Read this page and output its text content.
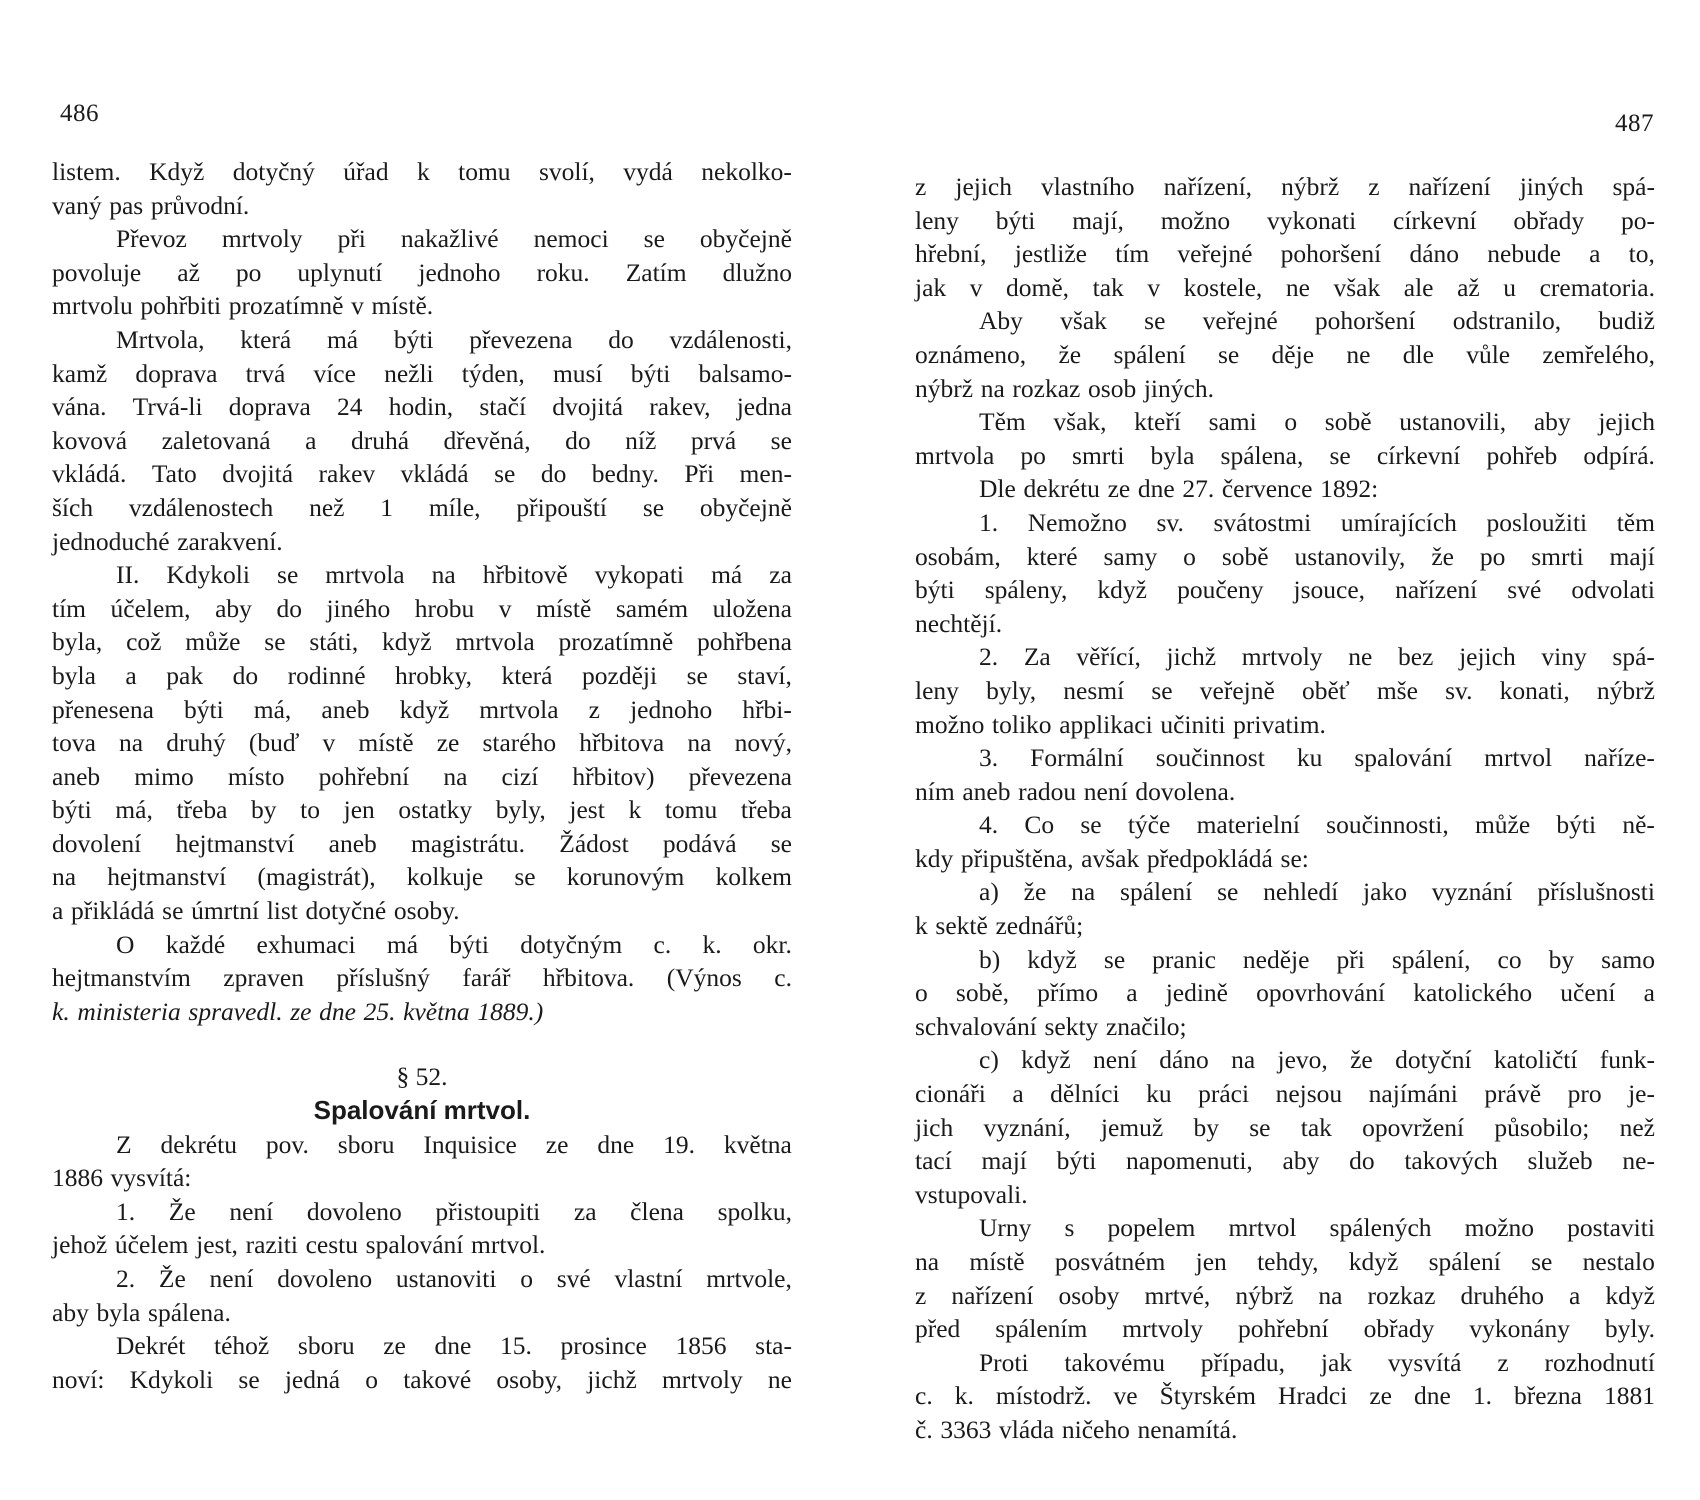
486	487
listem. Když dotyčný úřad k tomu svolí, vydá nekolko-
vaný pas průvodní.
Převoz mrtvoly při nakažlivé nemoci se obyčejně
povoluje až po uplynutí jednoho roku. Zatím dlužno
mrtvolu pohřbiti prozatímně v místě.
Mrtvola, která má býti převezena do vzdálenosti,
kamž doprava trvá více nežli týden, musí býti balsamo-
vána. Trvá-li doprava 24 hodin, stačí dvojitá rakev, jedna
kovová zaletovaná a druhá dřevěná, do níž prvá se
vkládá. Tato dvojitá rakev vkládá se do bedny. Při men-
ších vzdálenostech než 1 míle, připouští se obyčejně
jednoduché zarakvení.
II. Kdykoli se mrtvola na hřbitově vykopati má za
tím účelem, aby do jiného hrobu v místě samém uložena
byla, což může se státi, když mrtvola prozatímně pohřbena
byla a pak do rodinné hrobky, která později se staví,
přenesena býti má, aneb když mrtvola z jednoho hřbi-
tova na druhý (buď v místě ze starého hřbitova na nový,
aneb mimo místo pohřební na cizí hřbitov) převezena
býti má, třeba by to jen ostatky byly, jest k tomu třeba
dovolení hejtmanství aneb magistrátu. Žádost podává se
na hejtmanství (magistrát), kolkuje se korunovým kolkem
a přikládá se úmrtní list dotyčné osoby.
O každé exhumaci má býti dotyčným c. k. okr.
hejtmanstvím zpraven příslušný farář hřbitova. (Výnos c.
k. ministeria spravedl. ze dne 25. května 1889.)
§ 52.
Spalování mrtvol.
Z dekrétu pov. sboru Inquisice ze dne 19. května
1886 vysvítá:
1. Že není dovoleno přistoupiti za člena spolku,
jehož účelem jest, raziti cestu spalování mrtvol.
2. Že není dovoleno ustanoviti o své vlastní mrtvole,
aby byla spálena.
Dekrét téhož sboru ze dne 15. prosince 1856 sta-
noví: Kdykoli se jedná o takové osoby, jichž mrtvoly ne
z jejich vlastního nařízení, nýbrž z nařízení jiných spá-
leny býti mají, možno vykonati církevní obřady po-
hřební, jestliže tím veřejné pohoršení dáno nebude a to,
jak v domě, tak v kostele, ne však ale až u crematoria.
Aby však se veřejné pohoršení odstranilo, budiž
oznámeno, že spálení se děje ne dle vůle zemřelého,
nýbrž na rozkaz osob jiných.
Těm však, kteří sami o sobě ustanovili, aby jejich
mrtvola po smrti byla spálena, se církevní pohřeb odpírá.
Dle dekrétu ze dne 27. července 1892:
1. Nemožno sv. svátostmi umírajících posloužiti těm
osobám, které samy o sobě ustanovily, že po smrti mají
býti spáleny, když poučeny jsouce, nařízení své odvolati
nechtějí.
2. Za věřící, jichž mrtvoly ne bez jejich viny spá-
leny byly, nesmí se veřejně oběť mše sv. konati, nýbrž
možno toliko applikaci učiniti privatim.
3. Formální součinnost ku spalování mrtvol naříze-
ním aneb radou není dovolena.
4. Co se týče materielní součinnosti, může býti ně-
kdy připuštěna, avšak předpokládá se:
a) že na spálení se nehledí jako vyznání příslušnosti
k sektě zednářů;
b) když se pranic neděje při spálení, co by samo
o sobě, přímo a jedině opovrhování katolického učení a
schvalování sekty značilo;
c) když není dáno na jevo, že dotyční katoličtí funk-
cionáři a dělníci ku práci nejsou najímáni právě pro je-
jich vyznání, jemuž by se tak opovržení působilo; než
tací mají býti napomenuti, aby do takových služeb ne-
vstupovali.
Urny s popelem mrtvol spálených možno postaviti
na místě posvátném jen tehdy, když spálení se nestalo
z nařízení osoby mrtvé, nýbrž na rozkaz druhého a když
před spálením mrtvoly pohřební obřady vykonány byly.
Proti takovému případu, jak vysvítá z rozhodnutí
c. k. místodrž. ve Štyrském Hradci ze dne 1. března 1881
č. 3363 vláda ničeho nenamítá.
